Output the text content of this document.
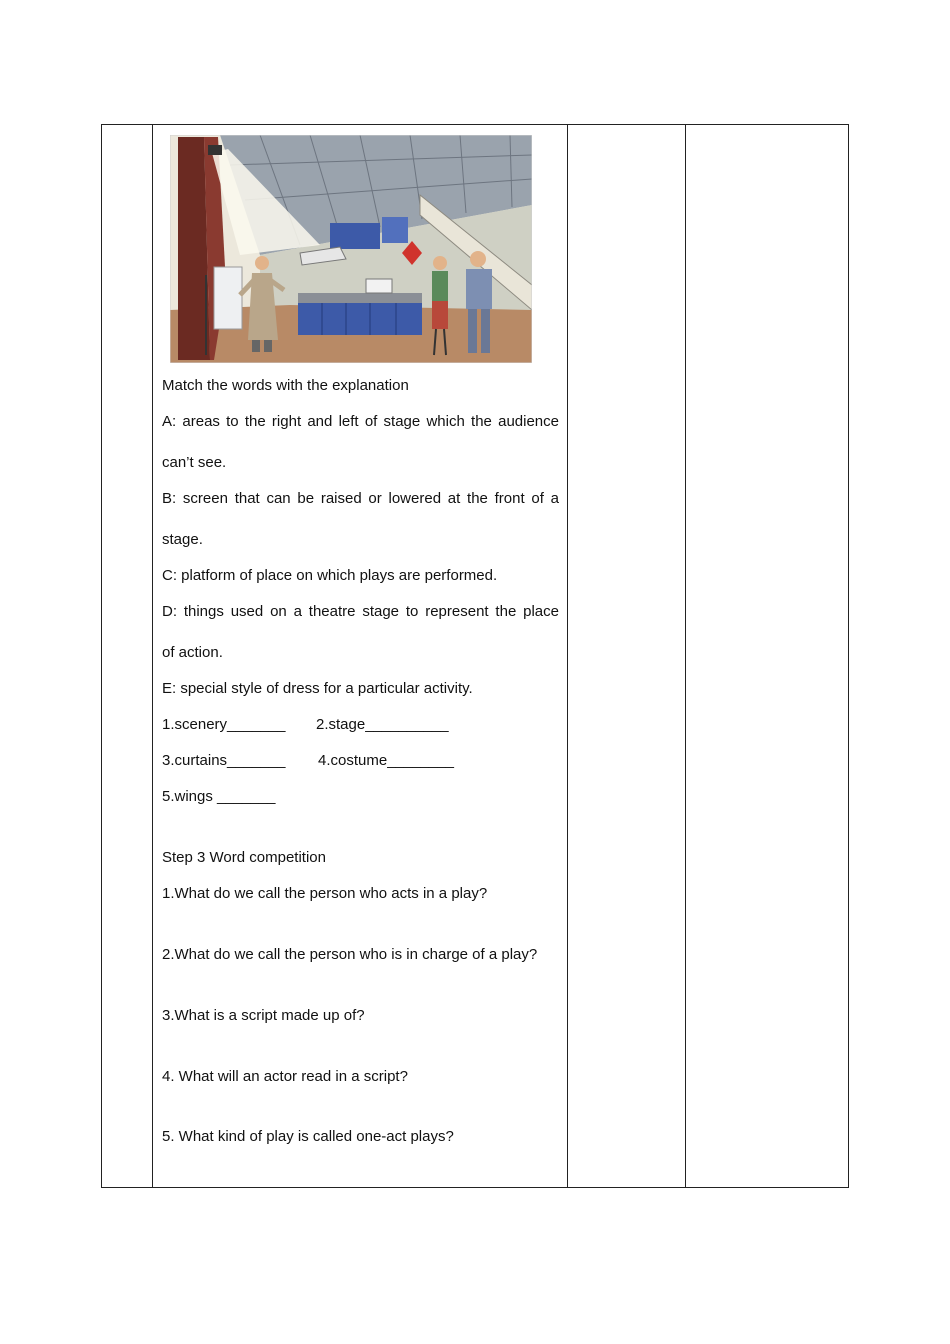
Match the words with the explanation
A: areas to the right and left of stage which the audience
can’t see.
B: screen that can be raised or lowered at the front of a
stage.
C: platform of place on which plays are performed.
D: things used on a theatre stage to represent the place
of action.
E: special style of dress for a particular activity.
1.scenery_______ 2.stage__________
3.curtains_______ 4.costume________
5.wings _______
Step 3 Word competition
1.What do we call the person who acts in a play?
2.What do we call the person who is in charge of a play?
3.What is a script made up of?
4. What will an actor read in a script?
5. What kind of play is called one-act plays?
